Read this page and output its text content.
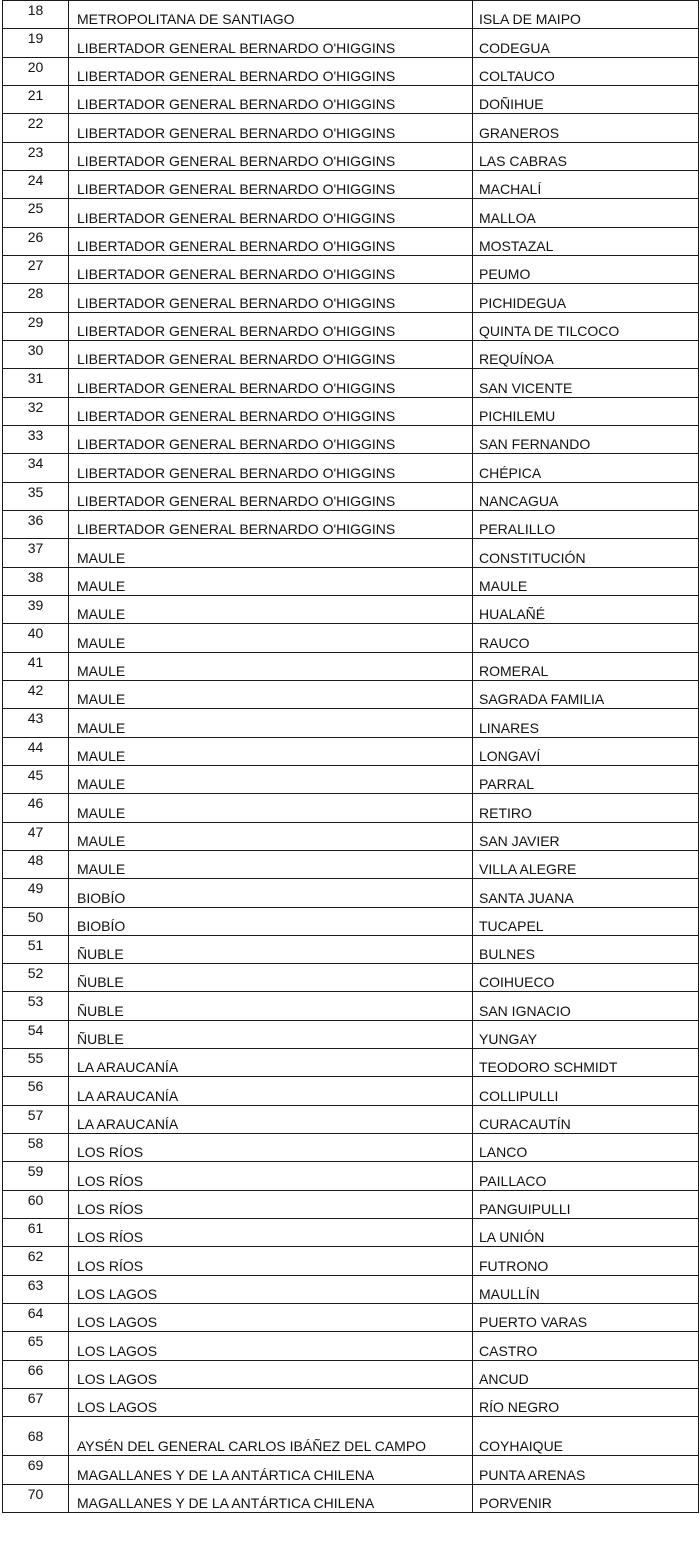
18	METROPOLITANA DE SANTIAGO	ISLA DE MAIPO
19	LIBERTADOR GENERAL BERNARDO O'HIGGINS	CODEGUA
20	LIBERTADOR GENERAL BERNARDO O'HIGGINS	COLTAUCO
21	LIBERTADOR GENERAL BERNARDO O'HIGGINS	DOÑIHUE
22	LIBERTADOR GENERAL BERNARDO O'HIGGINS	GRANEROS
23	LIBERTADOR GENERAL BERNARDO O'HIGGINS	LAS CABRAS
24	LIBERTADOR GENERAL BERNARDO O'HIGGINS	MACHALÍ
25	LIBERTADOR GENERAL BERNARDO O'HIGGINS	MALLOA
26	LIBERTADOR GENERAL BERNARDO O'HIGGINS	MOSTAZAL
27	LIBERTADOR GENERAL BERNARDO O'HIGGINS	PEUMO
28	LIBERTADOR GENERAL BERNARDO O'HIGGINS	PICHIDEGUA
29	LIBERTADOR GENERAL BERNARDO O'HIGGINS	QUINTA DE TILCOCO
30	LIBERTADOR GENERAL BERNARDO O'HIGGINS	REQUÍNOA
31	LIBERTADOR GENERAL BERNARDO O'HIGGINS	SAN VICENTE
32	LIBERTADOR GENERAL BERNARDO O'HIGGINS	PICHILEMU
33	LIBERTADOR GENERAL BERNARDO O'HIGGINS	SAN FERNANDO
34	LIBERTADOR GENERAL BERNARDO O'HIGGINS	CHÉPICA
35	LIBERTADOR GENERAL BERNARDO O'HIGGINS	NANCAGUA
36	LIBERTADOR GENERAL BERNARDO O'HIGGINS	PERALILLO
37	MAULE	CONSTITUCIÓN
38	MAULE	MAULE
39	MAULE	HUALAÑÉ
40	MAULE	RAUCO
41	MAULE	ROMERAL
42	MAULE	SAGRADA FAMILIA
43	MAULE	LINARES
44	MAULE	LONGAVÍ
45	MAULE	PARRAL
46	MAULE	RETIRO
47	MAULE	SAN JAVIER
48	MAULE	VILLA ALEGRE
49	BIOBÍO	SANTA JUANA
50	BIOBÍO	TUCAPEL
51	ÑUBLE	BULNES
52	ÑUBLE	COIHUECO
53	ÑUBLE	SAN IGNACIO
54	ÑUBLE	YUNGAY
55	LA ARAUCANÍA	TEODORO SCHMIDT
56	LA ARAUCANÍA	COLLIPULLI
57	LA ARAUCANÍA	CURACAUTÍN
58	LOS RÍOS	LANCO
59	LOS RÍOS	PAILLACO
60	LOS RÍOS	PANGUIPULLI
61	LOS RÍOS	LA UNIÓN
62	LOS RÍOS	FUTRONO
63	LOS LAGOS	MAULLÍN
64	LOS LAGOS	PUERTO VARAS
65	LOS LAGOS	CASTRO
66	LOS LAGOS	ANCUD
67	LOS LAGOS	RÍO NEGRO
68	AYSÉN DEL GENERAL CARLOS IBÁÑEZ DEL CAMPO	COYHAIQUE
69	MAGALLANES Y DE LA ANTÁRTICA CHILENA	PUNTA ARENAS
70	MAGALLANES Y DE LA ANTÁRTICA CHILENA	PORVENIR
